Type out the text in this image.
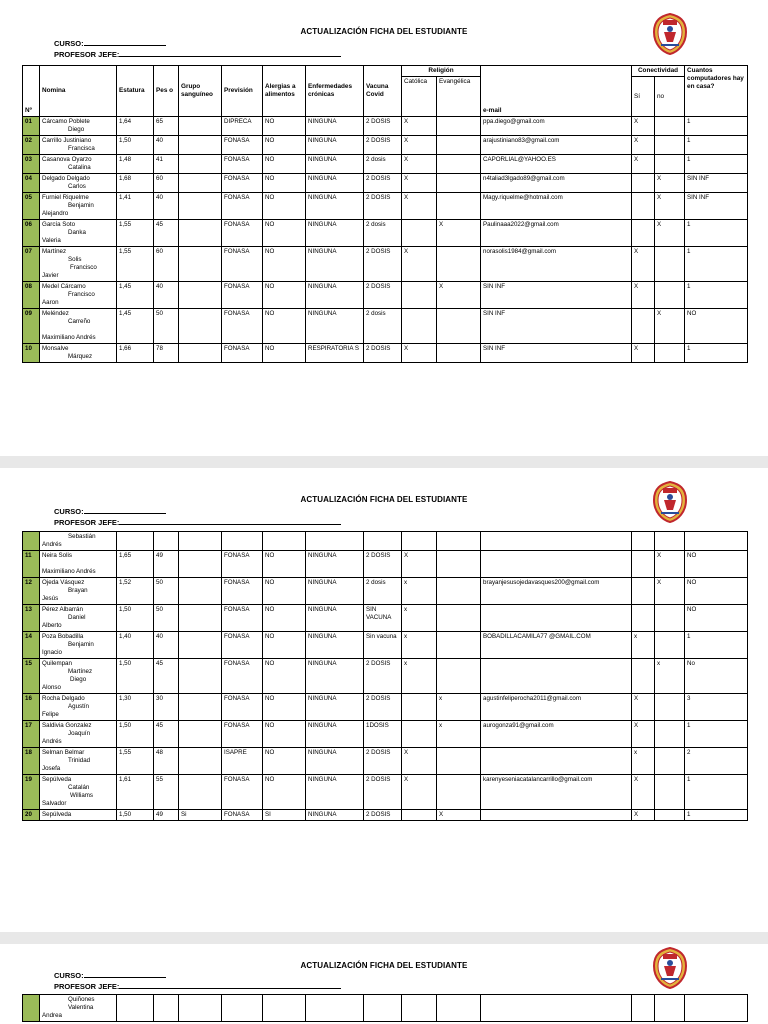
ACTUALIZACIÓN FICHA DEL ESTUDIANTE
CURSO:
PROFESOR JEFE:
Nº	Nomina	Estatura	Pes o	Grupo sanguíneo	Previsión	Alergias a alimentos	Enfermedades crónicas	Vacuna Covid	Religión		e-mail	Conectividad		Cuantos computadores hay en casa?
									Católica	Evangélica		Sí	no	
01	Cárcamo Poblete
Diego	1,64	65		DIPRECA	NO	NINGUNA	2 DOSIS	X		ppa.diego@gmail.com	X		1
02	Carrillo Justiniano
Francisca	1,50	40		FONASA	NO	NINGUNA	2 DOSIS	X		arajustiniano83@gmail.com	X		1
03	Casanova Oyarzo
Catalina	1,48	41		FONASA	NO	NINGUNA	2 dosis	X		CAPORLIAL@YAHOO.ES	X		1
04	Delgado Delgado
Carlos	1,68	60		FONASA	NO	NINGUNA	2 DOSIS	X		n4taliad3lgado89@gmail.com		X	SIN INF
05	Furniel Riquelme
Benjamin
Alejandro	1,41	40		FONASA	NO	NINGUNA	2 DOSIS	X		Magy.riquelme@hotmail.com		X	SIN INF
06	García Soto
Danka
Valeria	1,55	45		FONASA	NO	NINGUNA	2 dosis		X	Paulinaaa2022@gmail.com		X	1
07	Martínez
Solis
Francisco
Javier	1,55	60		FONASA	NO	NINGUNA	2 DOSIS	X		norasolis1984@gmail.com	X		1
08	Medel Cárcamo
Francisco
Aaron	1,45	40		FONASA	NO	NINGUNA	2 DOSIS		X	SIN INF	X		1
09	Meléndez
Carreño

Maximiliano Andrés	1,45	50		FONASA	NO	NINGUNA	2 dosis			SIN INF		X	NO
10	Monsalve
Márquez	1,66	78		FONASA	NO	RESPIRATORIA S	2 DOSIS	X		SIN INF	X		1
ACTUALIZACIÓN FICHA DEL ESTUDIANTE
CURSO:
PROFESOR JEFE:

	Sebastián
Andrés													

11	Neira Solis

Maximiliano Andrés	1,65	49		FONASA	NO	NINGUNA	2 DOSIS	X				X	NO
12	Ojeda Vásquez
Brayan
Jesús	1,52	50		FONASA	NO	NINGUNA	2 dosis	x		brayanjesusojedavasques200@gmail.com		X	NO
13	Pérez Albarrán
Daniel
Alberto	1,50	50		FONASA	NO	NINGUNA	SIN VACUNA	x					NO
14	Poza Bobadilla
Benjamin
Ignacio	1,40	40		FONASA	NO	NINGUNA	Sin vacuna	x		BOBADILLACAMILA77 @GMAIL.COM	x		1
15	Quilempan
Martínez
Diego
Alonso	1,50	45		FONASA	NO	NINGUNA	2 DOSIS	x				x	No
16	Rocha Delgado
Agustín
Felipe	1,30	30		FONASA	NO	NINGUNA	2 DOSIS		x	agustinfeliperocha2011@gmail.com	X		3
17	Saldivia Gonzalez
Joaquín
Andrés	1,50	45		FONASA	NO	NINGUNA	1DOSIS		x	aurogonza91@gmail.com	X		1
18	Selman Belmar
Trinidad
Josefa	1,55	48		ISAPRE	NO	NINGUNA	2 DOSIS	X			x		2
19	Sepúlveda
Catalán
Williams
Salvador	1,61	55		FONASA	NO	NINGUNA	2 DOSIS	X		karenyeseniacatalancarrillo@gmail.com	X		1
20	Sepúlveda	1,50	49	Si	FONASA	SI	NINGUNA	2 DOSIS		X		X		1
ACTUALIZACIÓN FICHA DEL ESTUDIANTE
CURSO:
PROFESOR JEFE:

Quiñones
Valentina
Andrea
